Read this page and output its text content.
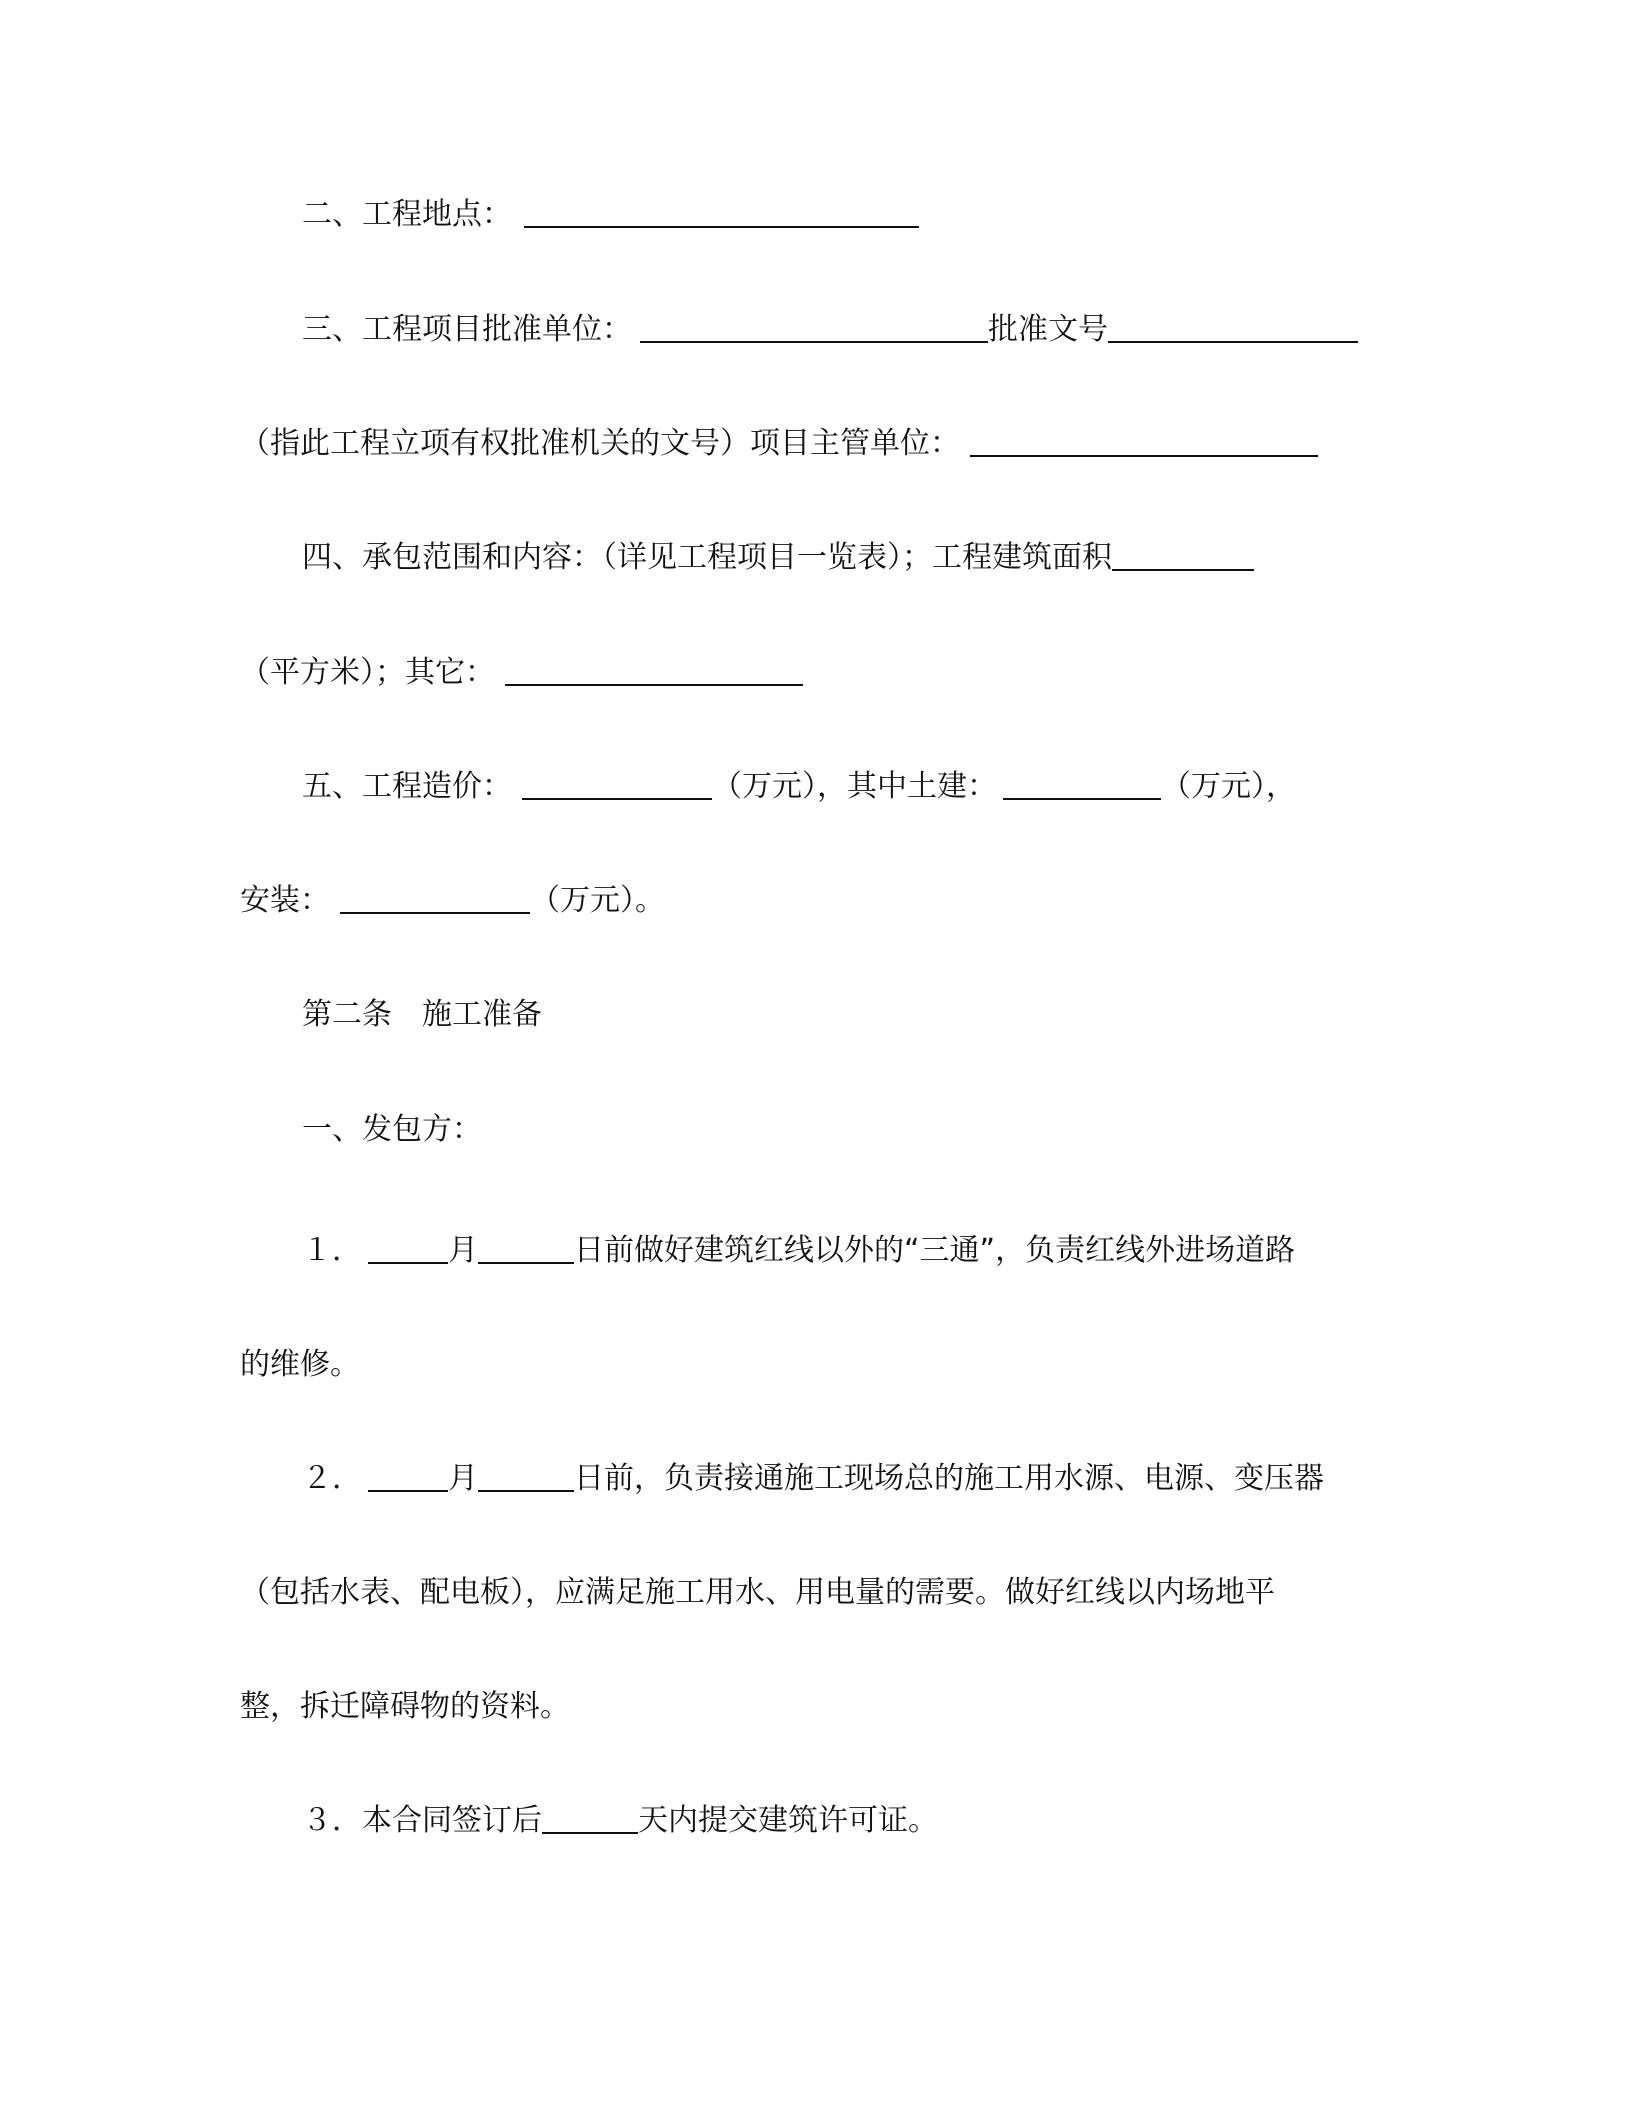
二、工程地点：
三、工程项目批准单位：	批准文号
（指此工程立项有权批准机关的文号）项目主管单位：
四、承包范围和内容：（详见工程项目一览表）；工程建筑面积
（平方米）；其它：
五、工程造价：	（万元），其中土建：	（万元），
安装：	（万元）。
第二条　施工准备
一、发包方：
１．	月	日前做好建筑红线以外的“三通”，负责红线外进场道路
的维修。
２．	月	日前，负责接通施工现场总的施工用水源、电源、变压器
（包括水表、配电板），应满足施工用水、用电量的需要。做好红线以内场地平
整，拆迁障碍物的资料。
３．本合同签订后	天内提交建筑许可证。
